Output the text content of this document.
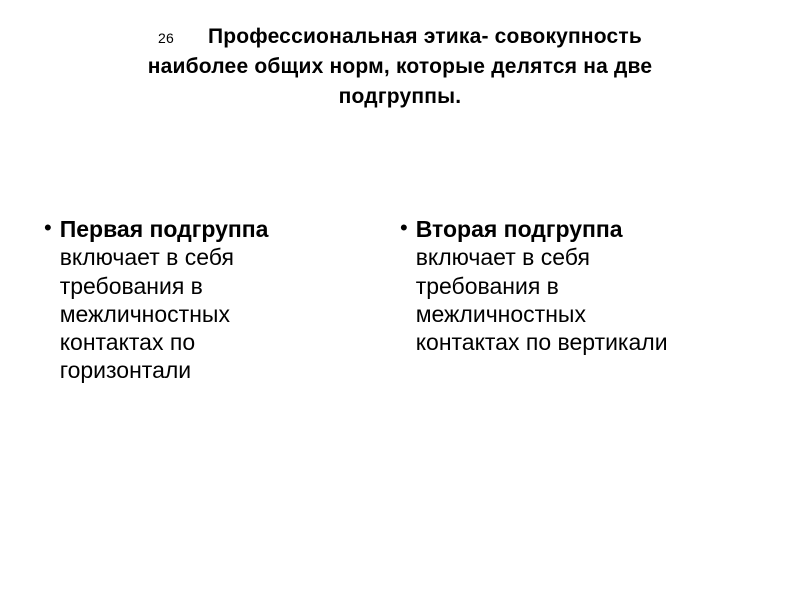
26 Профессиональная этика- совокупность
наиболее общих норм, которые делятся на две
подгруппы.
• Первая подгруппа включает в себя требования в межличностных контактах по горизонтали
• Вторая подгруппа включает в себя требования в межличностных контактах по вертикали
